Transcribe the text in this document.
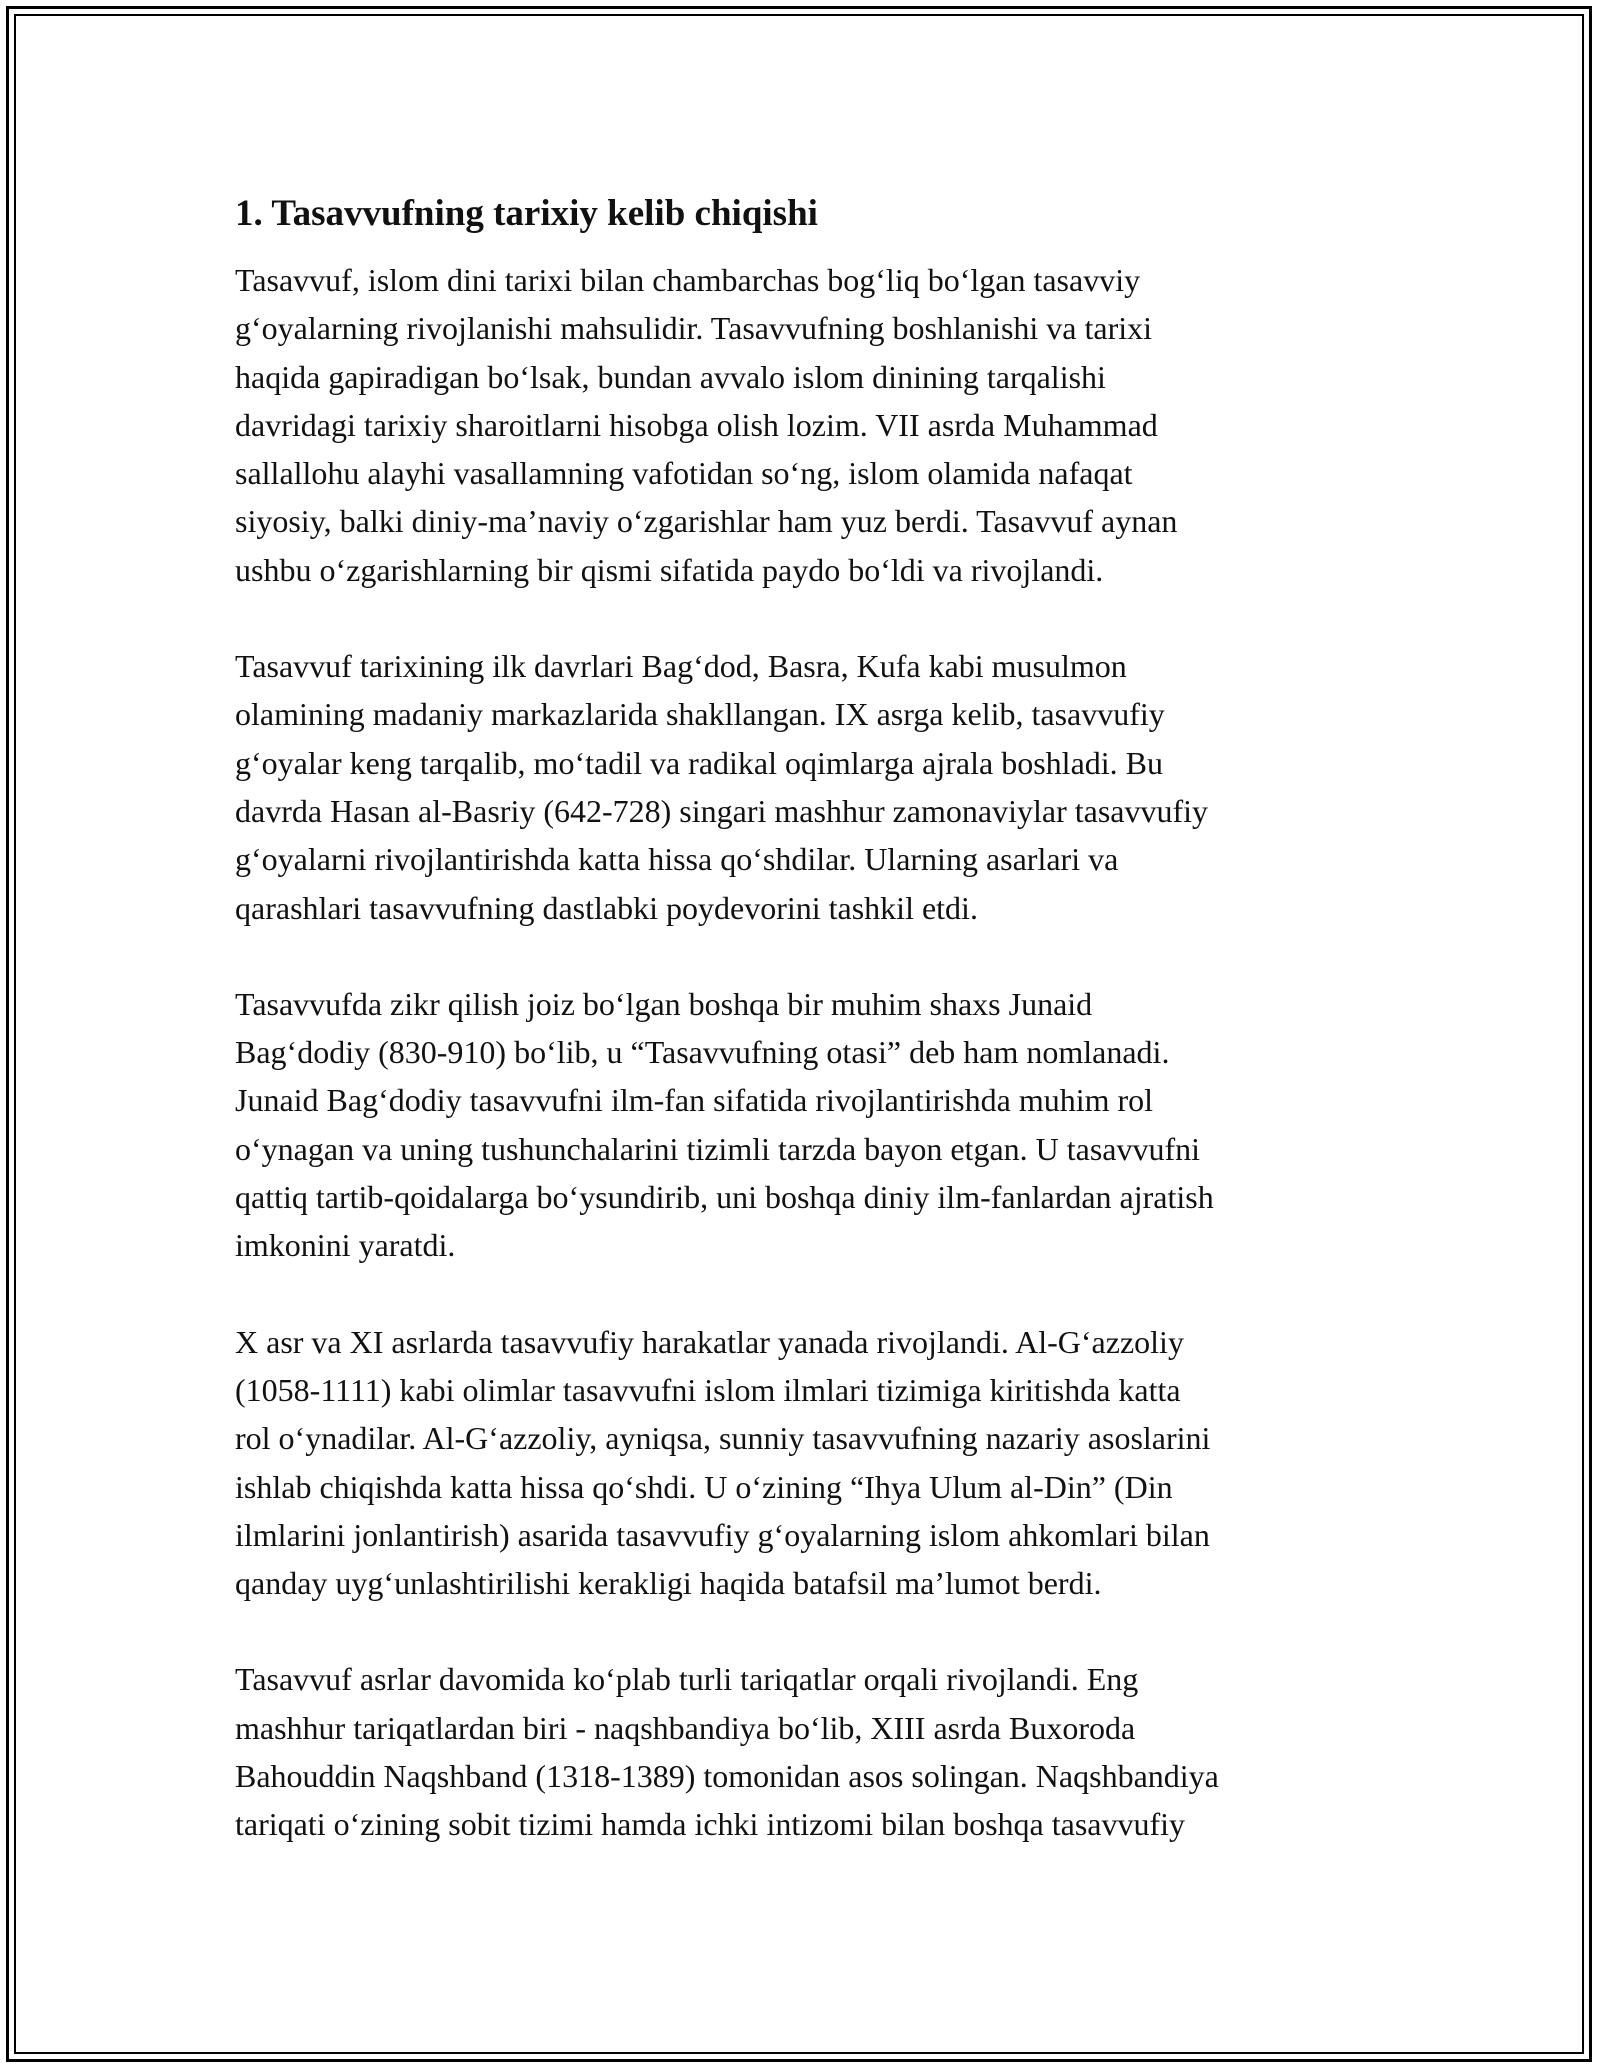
1. Tasavvufning tarixiy kelib chiqishi

Tasavvuf, islom dini tarixi bilan chambarchas bog‘liq bo‘lgan tasavviy
g‘oyalarning rivojlanishi mahsulidir. Tasavvufning boshlanishi va tarixi
haqida gapiradigan bo‘lsak, bundan avvalo islom dinining tarqalishi
davridagi tarixiy sharoitlarni hisobga olish lozim. VII asrda Muhammad
sallallohu alayhi vasallamning vafotidan so‘ng, islom olamida nafaqat
siyosiy, balki diniy-ma’naviy o‘zgarishlar ham yuz berdi. Tasavvuf aynan
ushbu o‘zgarishlarning bir qismi sifatida paydo bo‘ldi va rivojlandi.

Tasavvuf tarixining ilk davrlari Bag‘dod, Basra, Kufa kabi musulmon
olamining madaniy markazlarida shakllangan. IX asrga kelib, tasavvufiy
g‘oyalar keng tarqalib, mo‘tadil va radikal oqimlarga ajrala boshladi. Bu
davrda Hasan al-Basriy (642-728) singari mashhur zamonaviylar tasavvufiy
g‘oyalarni rivojlantirishda katta hissa qo‘shdilar. Ularning asarlari va
qarashlari tasavvufning dastlabki poydevorini tashkil etdi.

Tasavvufda zikr qilish joiz bo‘lgan boshqa bir muhim shaxs Junaid
Bag‘dodiy (830-910) bo‘lib, u “Tasavvufning otasi” deb ham nomlanadi.
Junaid Bag‘dodiy tasavvufni ilm-fan sifatida rivojlantirishda muhim rol
o‘ynagan va uning tushunchalarini tizimli tarzda bayon etgan. U tasavvufni
qattiq tartib-qoidalarga bo‘ysundirib, uni boshqa diniy ilm-fanlardan ajratish
imkonini yaratdi.

X asr va XI asrlarda tasavvufiy harakatlar yanada rivojlandi. Al-G‘azzoliy
(1058-1111) kabi olimlar tasavvufni islom ilmlari tizimiga kiritishda katta
rol o‘ynadilar. Al-G‘azzoliy, ayniqsa, sunniy tasavvufning nazariy asoslarini
ishlab chiqishda katta hissa qo‘shdi. U o‘zining “Ihya Ulum al-Din” (Din
ilmlarini jonlantirish) asarida tasavvufiy g‘oyalarning islom ahkomlari bilan
qanday uyg‘unlashtirilishi kerakligi haqida batafsil ma’lumot berdi.

Tasavvuf asrlar davomida ko‘plab turli tariqatlar orqali rivojlandi. Eng
mashhur tariqatlardan biri - naqshbandiya bo‘lib, XIII asrda Buxoroda
Bahouddin Naqshband (1318-1389) tomonidan asos solingan. Naqshbandiya
tariqati o‘zining sobit tizimi hamda ichki intizomi bilan boshqa tasavvufiy
